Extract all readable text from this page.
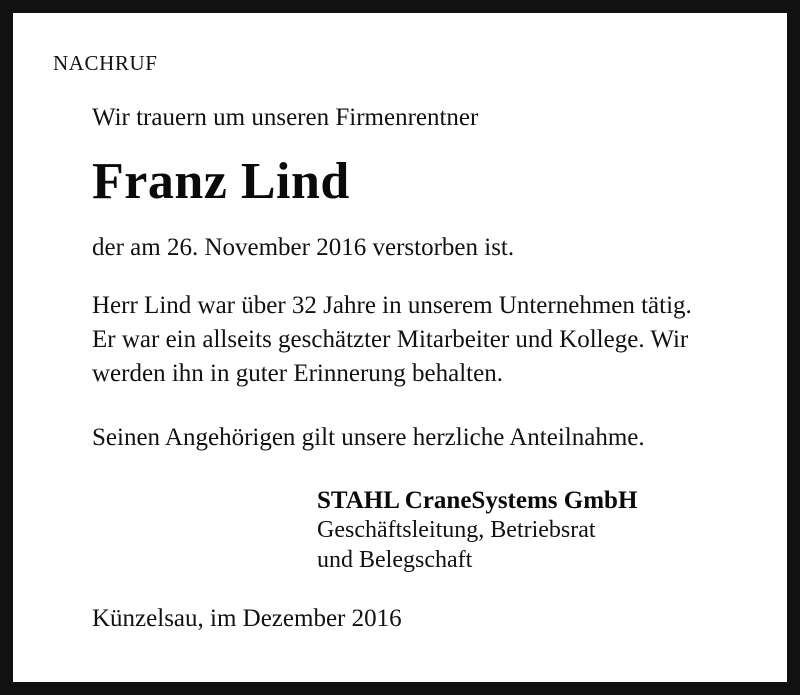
NACHRUF
Wir trauern um unseren Firmenrentner
Franz Lind
der am 26. November 2016 verstorben ist.
Herr Lind war über 32 Jahre in unserem Unternehmen tätig. Er war ein allseits geschätzter Mitarbeiter und Kollege. Wir werden ihn in guter Erinnerung behalten.
Seinen Angehörigen gilt unsere herzliche Anteilnahme.
STAHL CraneSystems GmbH
Geschäftsleitung, Betriebsrat
und Belegschaft
Künzelsau, im Dezember 2016
